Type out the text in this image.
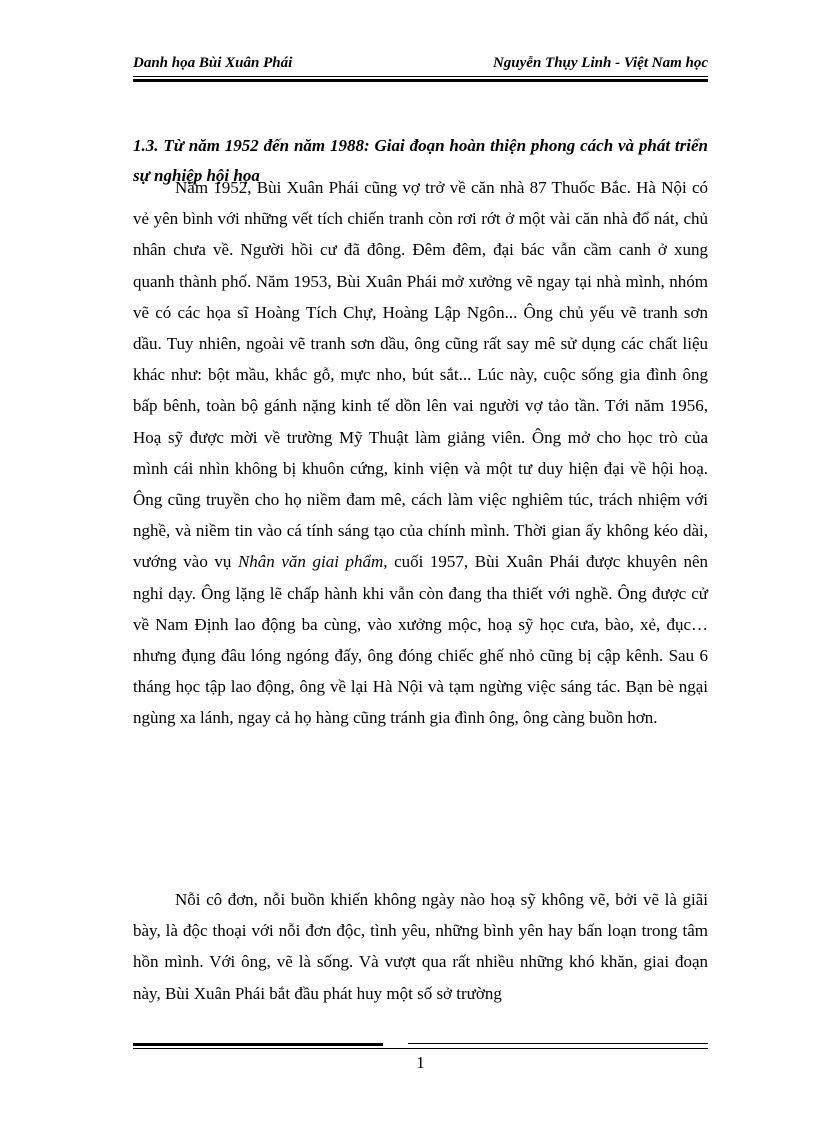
Danh họa Bùi Xuân Phái	Nguyễn Thụy Linh - Việt Nam học
1.3. Từ năm 1952 đến năm 1988: Giai đoạn hoàn thiện phong cách và phát triển sự nghiệp hội họa

Năm 1952, Bùi Xuân Phái cũng vợ trở về căn nhà 87 Thuốc Bắc. Hà Nội có vẻ yên bình với những vết tích chiến tranh còn rơi rớt ở một vài căn nhà đổ nát, chủ nhân chưa về. Người hồi cư đã đông. Đêm đêm, đại bác vẫn cầm canh ở xung quanh thành phố. Năm 1953, Bùi Xuân Phái mở xưởng vẽ ngay tại nhà mình, nhóm vẽ có các họa sĩ Hoàng Tích Chự, Hoàng Lập Ngôn... Ông chủ yếu vẽ tranh sơn dầu. Tuy nhiên, ngoài vẽ tranh sơn dầu, ông cũng rất say mê sử dụng các chất liệu khác như: bột mầu, khắc gỗ, mực nho, bút sắt... Lúc này, cuộc sống gia đình ông bấp bênh, toàn bộ gánh nặng kinh tế dồn lên vai người vợ tảo tần. Tới năm 1956, Hoạ sỹ được mời về trường Mỹ Thuật làm giảng viên. Ông mở cho học trò của mình cái nhìn không bị khuôn cứng, kinh viện và một tư duy hiện đại về hội hoạ. Ông cũng truyền cho họ niềm đam mê, cách làm việc nghiêm túc, trách nhiệm với nghề, và niềm tin vào cá tính sáng tạo của chính mình. Thời gian ấy không kéo dài, vướng vào vụ Nhân văn giai phẩm, cuối 1957, Bùi Xuân Phái được khuyên nên nghỉ dạy. Ông lặng lẽ chấp hành khi vẫn còn đang tha thiết với nghề. Ông được cử về Nam Định lao động ba cùng, vào xưởng mộc, hoạ sỹ học cưa, bào, xẻ, đục…nhưng đụng đâu lóng ngóng đấy, ông đóng chiếc ghế nhỏ cũng bị cập kênh. Sau 6 tháng học tập lao động, ông về lại Hà Nội và tạm ngừng việc sáng tác. Bạn bè ngại ngùng xa lánh, ngay cả họ hàng cũng tránh gia đình ông, ông càng buồn hơn.

Nỗi cô đơn, nỗi buồn khiến không ngày nào hoạ sỹ không vẽ, bởi vẽ là giãi bày, là độc thoại với nỗi đơn độc, tình yêu, những bình yên hay bấn loạn trong tâm hồn mình. Với ông, vẽ là sống. Và vượt qua rất nhiều những khó khăn, giai đoạn này, Bùi Xuân Phái bắt đầu phát huy một số sở trường

1
